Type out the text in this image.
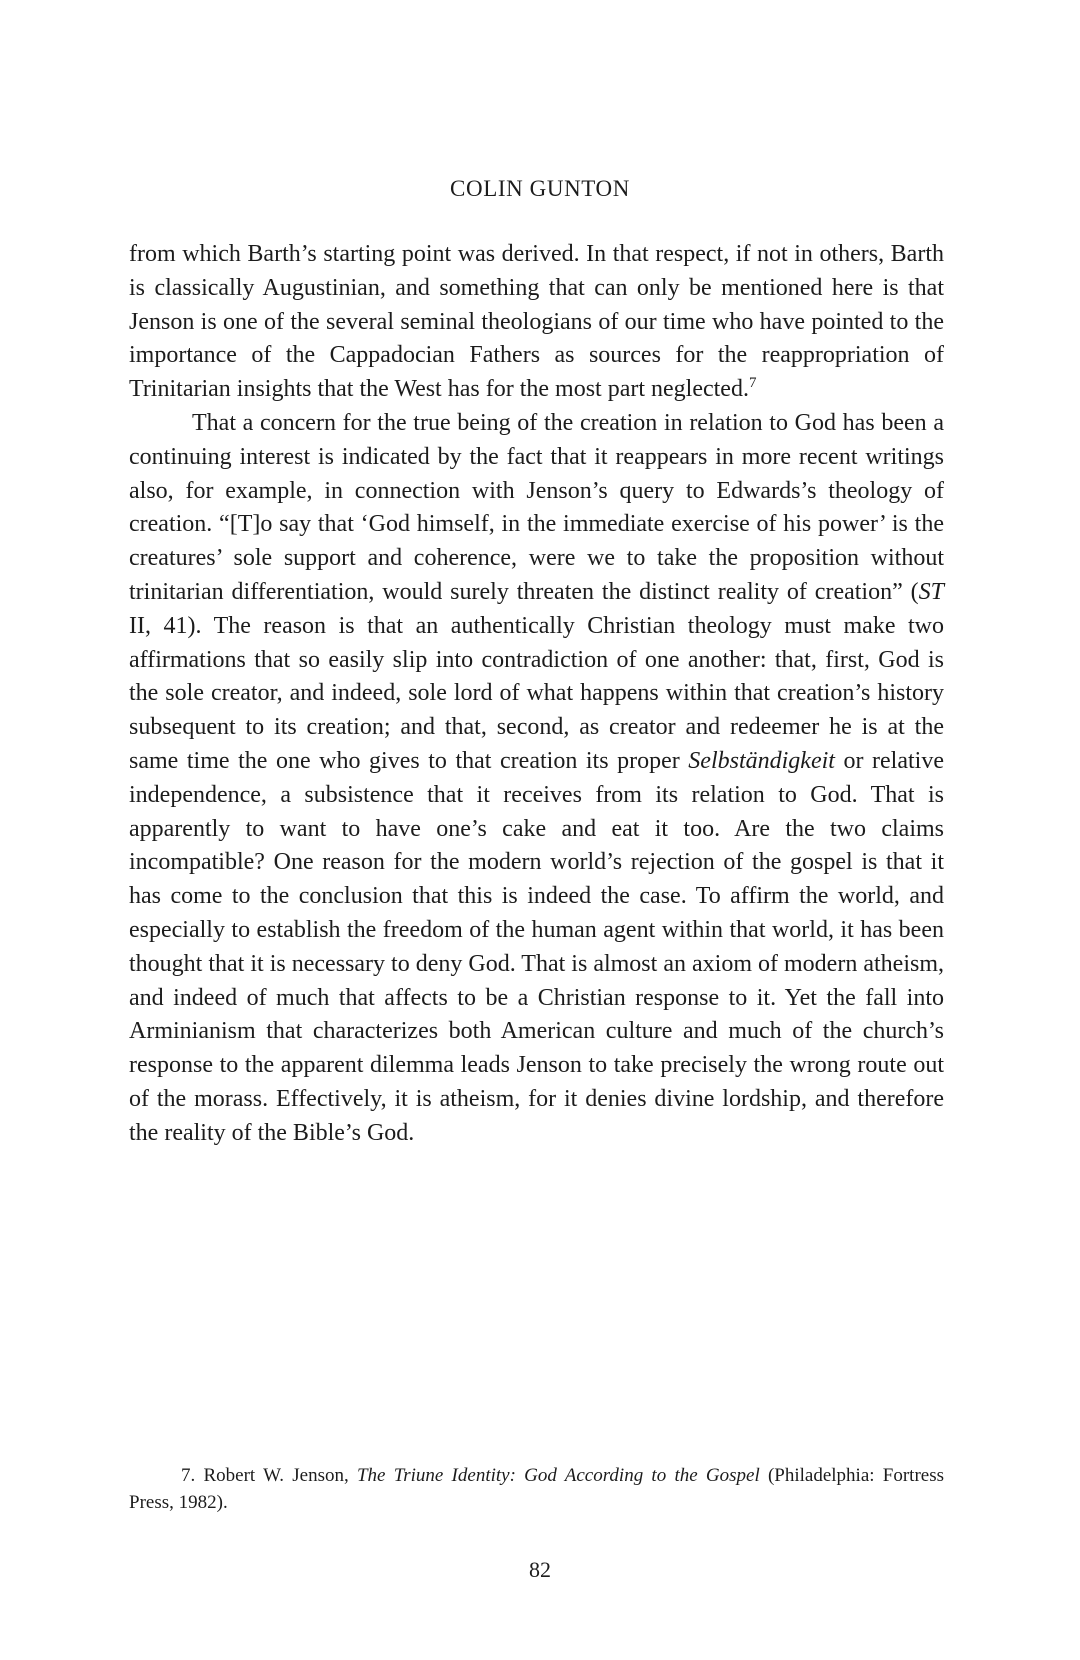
COLIN GUNTON

from which Barth’s starting point was derived. In that respect, if not in others, Barth is classically Augustinian, and something that can only be mentioned here is that Jenson is one of the several seminal theologians of our time who have pointed to the importance of the Cappadocian Fathers as sources for the reappropriation of Trinitarian insights that the West has for the most part neglected.$^7$

That a concern for the true being of the creation in relation to God has been a continuing interest is indicated by the fact that it reappears in more recent writings also, for example, in connection with Jenson’s query to Edwards’s theology of creation. “[T]o say that ‘God himself, in the immediate exercise of his power’ is the creatures’ sole support and coherence, were we to take the proposition without trinitarian differentiation, would surely threaten the distinct reality of creation” (ST II, 41). The reason is that an authentically Christian theology must make two affirmations that so easily slip into contradiction of one another: that, first, God is the sole creator, and indeed, sole lord of what happens within that creation’s history subsequent to its creation; and that, second, as creator and redeemer he is at the same time the one who gives to that creation its proper Selbständigkeit or relative independence, a subsistence that it receives from its relation to God. That is apparently to want to have one’s cake and eat it too. Are the two claims incompatible? One reason for the modern world’s rejection of the gospel is that it has come to the conclusion that this is indeed the case. To affirm the world, and especially to establish the freedom of the human agent within that world, it has been thought that it is necessary to deny God. That is almost an axiom of modern atheism, and indeed of much that affects to be a Christian response to it. Yet the fall into Arminianism that characterizes both American culture and much of the church’s response to the apparent dilemma leads Jenson to take precisely the wrong route out of the morass. Effectively, it is atheism, for it denies divine lordship, and therefore the reality of the Bible’s God.

7. Robert W. Jenson, The Triune Identity: God According to the Gospel (Philadelphia: Fortress Press, 1982).

82
